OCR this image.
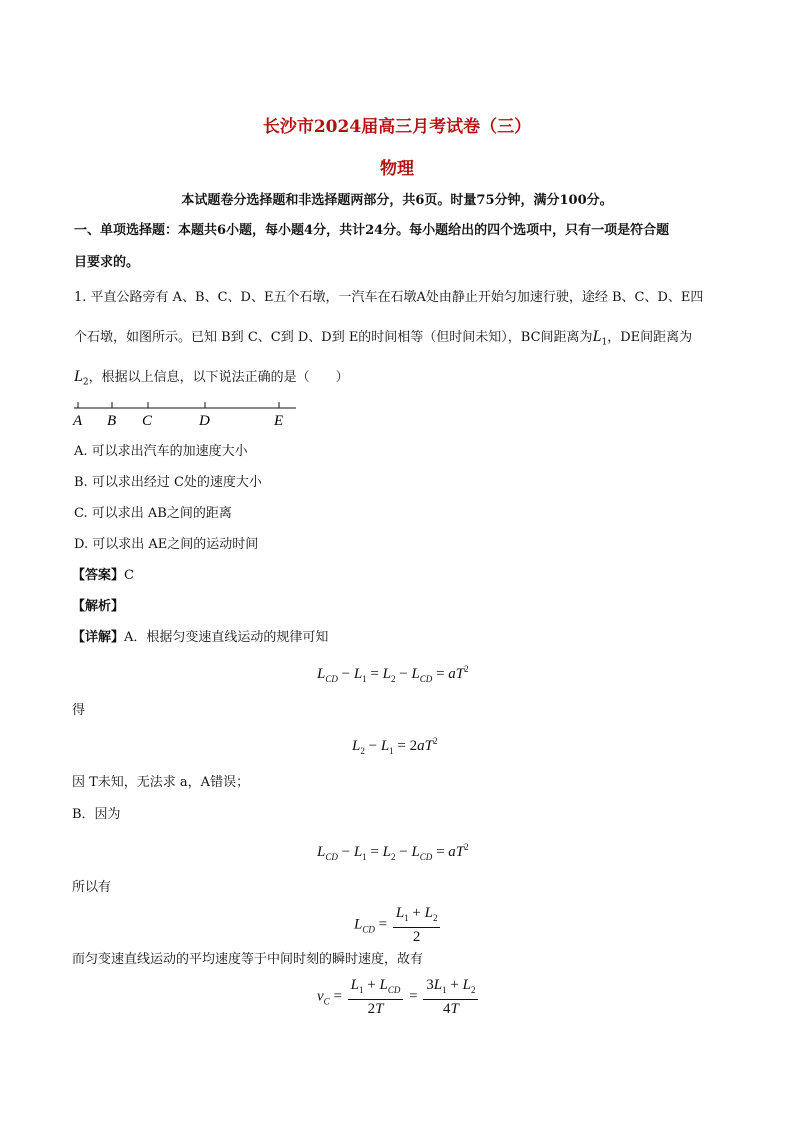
长沙市2024届高三月考试卷（三）
物理
本试题卷分选择题和非选择题两部分，共6页。时量75分钟，满分100分。
一、单项选择题：本题共6小题，每小题4分，共计24分。每小题给出的四个选项中，只有一项是符合题
目要求的。
1. 平直公路旁有 A、B、C、D、E五个石墩，一汽车在石墩A处由静止开始匀加速行驶，途经 B、C、D、E四
个石墩，如图所示。已知 B到 C、C到 D、D到 E的时间相等（但时间未知），BC间距离为$L_1$，DE间距离为
$L_2$，根据以上信息，以下说法正确的是（　　）
A B C	D	E
A. 可以求出汽车的加速度大小
B. 可以求出经过 C处的速度大小
C. 可以求出 AB之间的距离
D. 可以求出 AE之间的运动时间
【答案】C
【解析】
【详解】A．根据匀变速直线运动的规律可知
$L_{CD} - L_1 = L_2 - L_{CD} = aT^2$
得
$L_2 - L_1 = 2aT^2$
因 T未知，无法求 a，A错误；
B．因为
$L_{CD} - L_1 = L_2 - L_{CD} = aT^2$
所以有
$L_{CD} = \frac{L_1 + L_2}{2}$
而匀变速直线运动的平均速度等于中间时刻的瞬时速度，故有
$v_C = \frac{L_1 + L_{CD}}{2T} = \frac{3L_1 + L_2}{4T}$
